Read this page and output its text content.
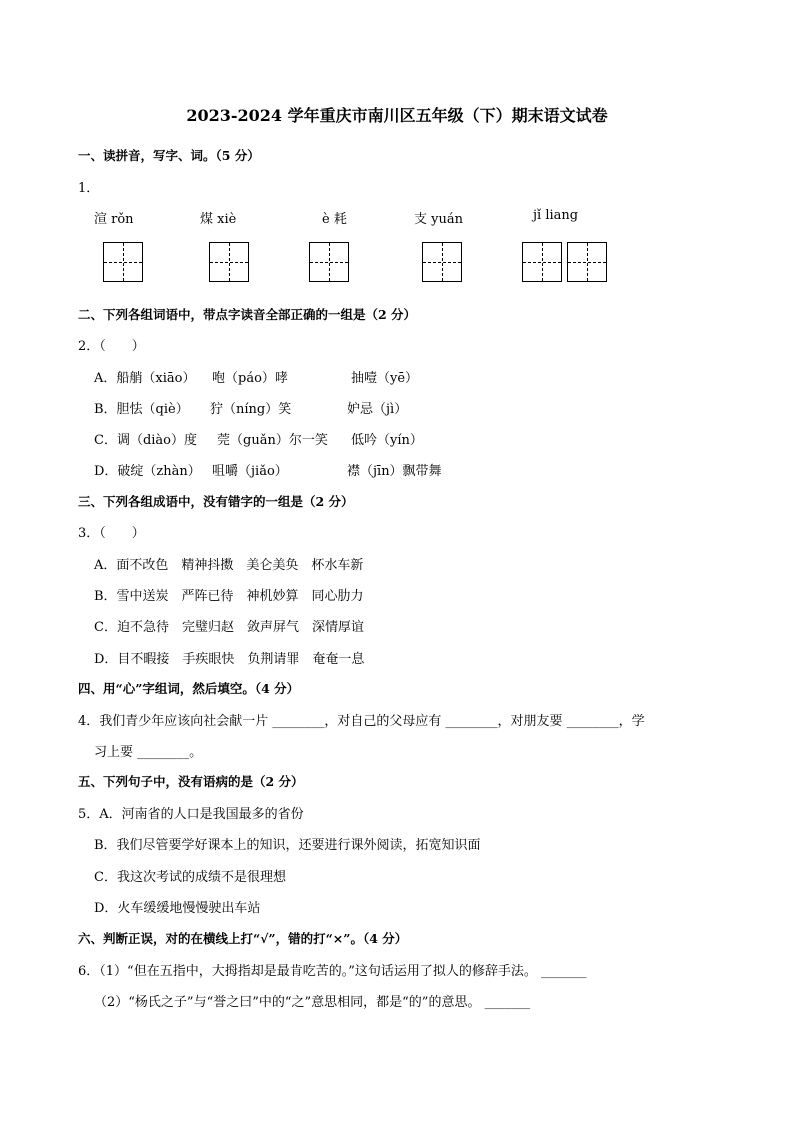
2023-2024 学年重庆市南川区五年级（下）期末语文试卷
一、读拼音，写字、词。（5 分）
1．
渲 rǒn	煤 xiè	è 耗	支 yuán	jǐ liang
二、下列各组词语中，带点字读音全部正确的一组是（2 分）
2．（　　）
A．船艄（xiāo） 咆（páo）哮	抽噎（yē）
B．胆怯（qiè） 狞（níng）笑	妒忌（jì）
C．调（diào）度 莞（guǎn）尔一笑 低吟（yín）
D．破绽（zhàn） 咀嚼（jiǎo）	襟（jīn）飘带舞
三、下列各组成语中，没有错字的一组是（2 分）
3．（　　）
A．面不改色　精神抖擞　美仑美奂　杯水车新
B．雪中送炭　严阵已待　神机妙算　同心肋力
C．迫不急待　完璧归赵　敛声屏气　深情厚谊
D．目不暇接　手疾眼快　负荆请罪　奄奄一息
四、用“心”字组词，然后填空。（4 分）
4．我们青少年应该向社会献一片 ________，对自己的父母应有 ________，对朋友要 ________，学
习上要 ________。
五、下列句子中，没有语病的是（2 分）
5．A．河南省的人口是我国最多的省份
B．我们尽管要学好课本上的知识，还要进行课外阅读，拓宽知识面
C．我这次考试的成绩不是很理想
D．火车缓缓地慢慢驶出车站
六、判断正误，对的在横线上打“√”，错的打“×”。（4 分）
6．（1）“但在五指中，大拇指却是最肯吃苦的。”这句话运用了拟人的修辞手法。 _______
（2）“杨氏之子”与“誉之曰”中的“之”意思相同，都是“的”的意思。 _______
